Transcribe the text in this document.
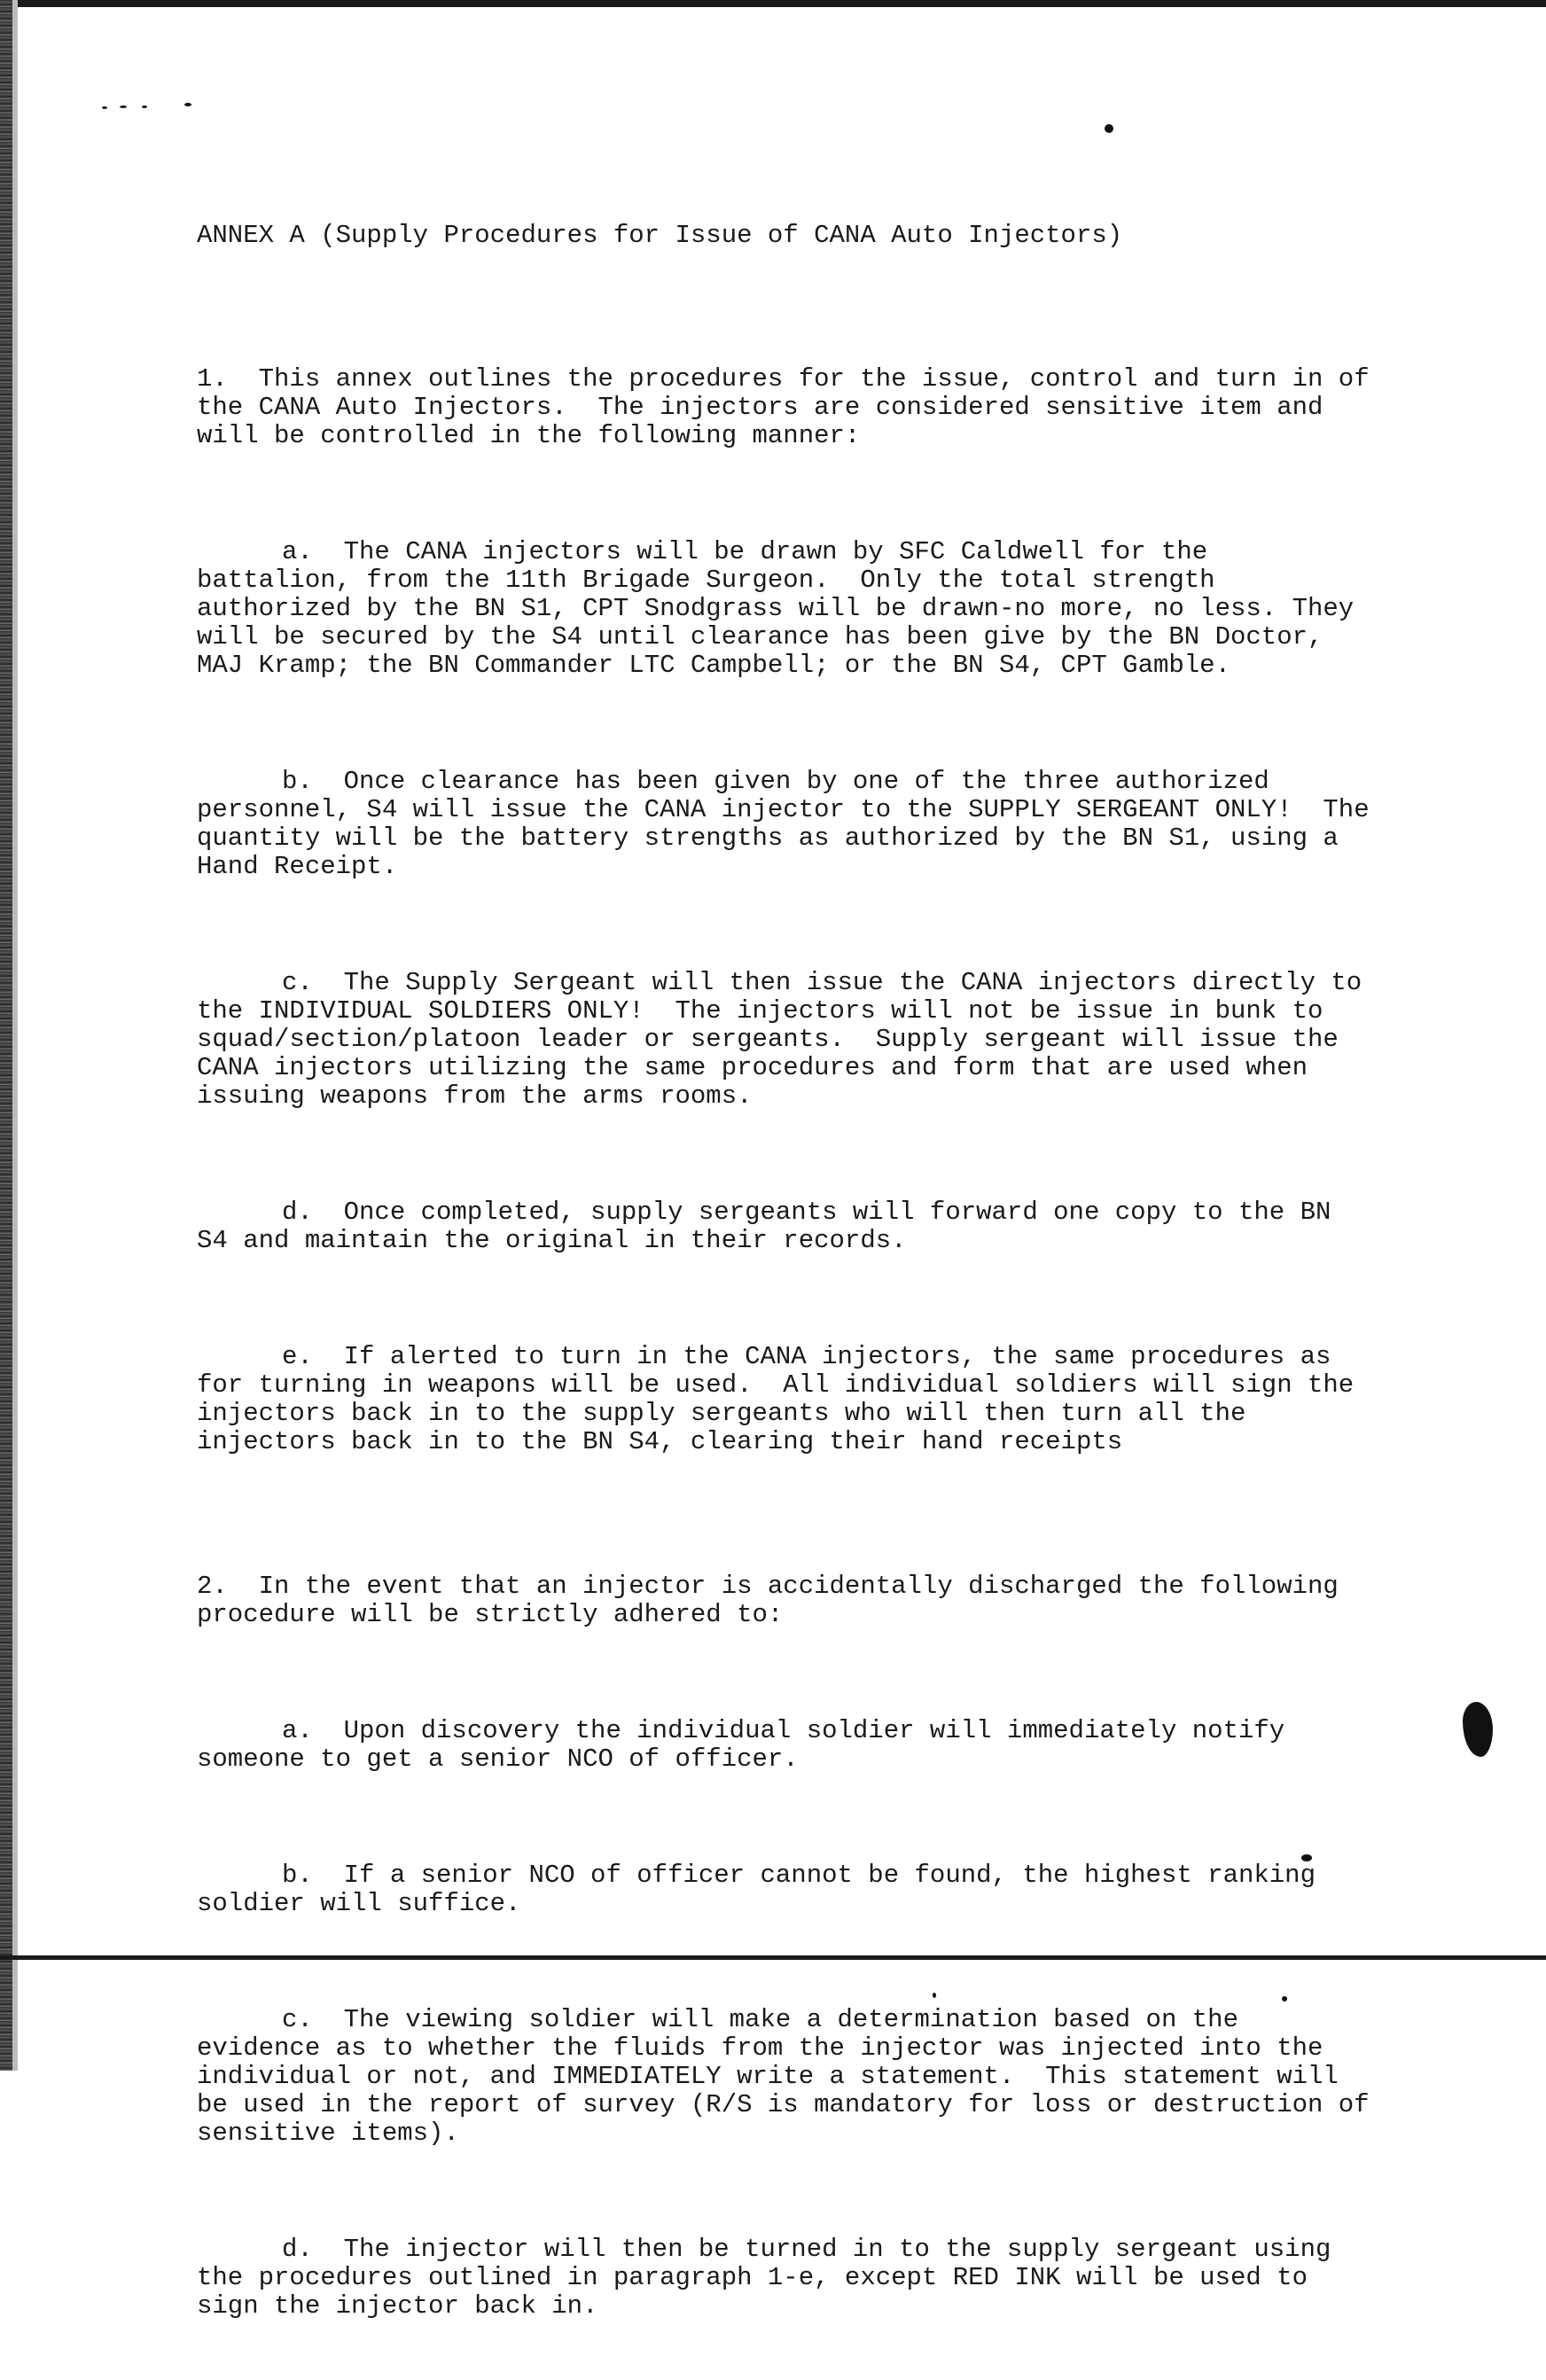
ANNEX A (Supply Procedures for Issue of CANA Auto Injectors)

1.  This annex outlines the procedures for the issue, control and turn in of the CANA Auto Injectors.  The injectors are considered sensitive item and will be controlled in the following manner:

a.  The CANA injectors will be drawn by SFC Caldwell for the battalion, from the 11th Brigade Surgeon.  Only the total strength authorized by the BN S1, CPT Snodgrass will be drawn-no more, no less. They will be secured by the S4 until clearance has been give by the BN Doctor, MAJ Kramp; the BN Commander LTC Campbell; or the BN S4, CPT Gamble.

b.  Once clearance has been given by one of the three authorized personnel, S4 will issue the CANA injector to the SUPPLY SERGEANT ONLY!  The quantity will be the battery strengths as authorized by the BN S1, using a Hand Receipt.

c.  The Supply Sergeant will then issue the CANA injectors directly to the INDIVIDUAL SOLDIERS ONLY!  The injectors will not be issue in bunk to squad/section/platoon leader or sergeants.  Supply sergeant will issue the CANA injectors utilizing the same procedures and form that are used when issuing weapons from the arms rooms.

d.  Once completed, supply sergeants will forward one copy to the BN S4 and maintain the original in their records.

e.  If alerted to turn in the CANA injectors, the same procedures as for turning in weapons will be used.  All individual soldiers will sign the injectors back in to the supply sergeants who will then turn all the injectors back in to the BN S4, clearing their hand receipts

2.  In the event that an injector is accidentally discharged the following procedure will be strictly adhered to:

a.  Upon discovery the individual soldier will immediately notify someone to get a senior NCO of officer.

b.  If a senior NCO of officer cannot be found, the highest ranking soldier will suffice.

c.  The viewing soldier will make a determination based on the evidence as to whether the fluids from the injector was injected into the individual or not, and IMMEDIATELY write a statement.  This statement will be used in the report of survey (R/S is mandatory for loss or destruction of sensitive items).

d.  The injector will then be turned in to the supply sergeant using the procedures outlined in paragraph 1-e, except RED INK will be used to sign the injector back in.
